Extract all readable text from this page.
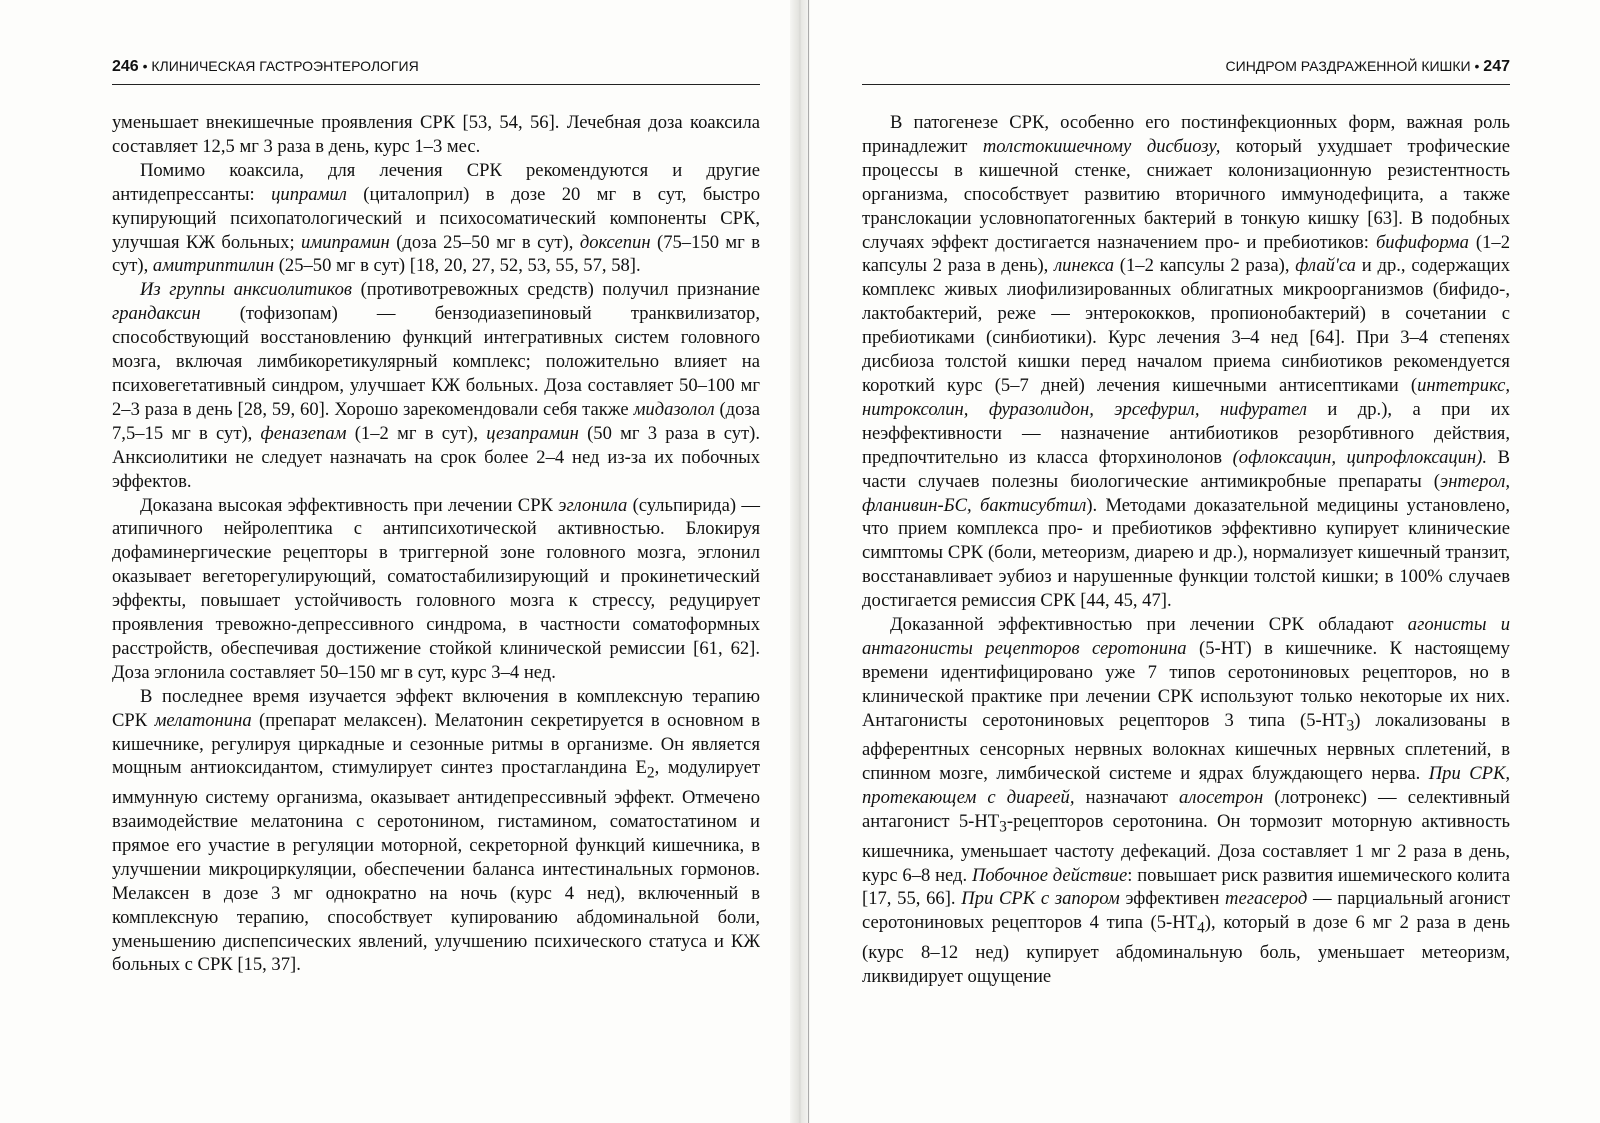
246 • КЛИНИЧЕСКАЯ ГАСТРОЭНТЕРОЛОГИЯ

уменьшает внекишечные проявления СРК [53, 54, 56]. Лечебная доза коаксила составляет 12,5 мг 3 раза в день, курс 1–3 мес.

Помимо коаксила, для лечения СРК рекомендуются и другие антидепрессанты: ципрамил (циталоприл) в дозе 20 мг в сут, быстро купирующий психопатологический и психосоматический компоненты СРК, улучшая КЖ больных; имипрамин (доза 25–50 мг в сут), доксепин (75–150 мг в сут), амитриптилин (25–50 мг в сут) [18, 20, 27, 52, 53, 55, 57, 58].

Из группы анксиолитиков (противотревожных средств) получил признание грандаксин (тофизопам) — бензодиазепиновый транквилизатор, способствующий восстановлению функций интегративных систем головного мозга, включая лимбикоретикулярный комплекс; положительно влияет на психовегетативный синдром, улучшает КЖ больных. Доза составляет 50–100 мг 2–3 раза в день [28, 59, 60]. Хорошо зарекомендовали себя также мидазолол (доза 7,5–15 мг в сут), феназепам (1–2 мг в сут), цезапрамин (50 мг 3 раза в сут). Анксиолитики не следует назначать на срок более 2–4 нед из-за их побочных эффектов.

Доказана высокая эффективность при лечении СРК эглонила (сульпирида) — атипичного нейролептика с антипсихотической активностью. Блокируя дофаминергические рецепторы в триггерной зоне головного мозга, эглонил оказывает вегеторегулирующий, соматостабилизирующий и прокинетический эффекты, повышает устойчивость головного мозга к стрессу, редуцирует проявления тревожно-депрессивного синдрома, в частности соматоформных расстройств, обеспечивая достижение стойкой клинической ремиссии [61, 62]. Доза эглонила составляет 50–150 мг в сут, курс 3–4 нед.

В последнее время изучается эффект включения в комплексную терапию СРК мелатонина (препарат мелаксен). Мелатонин секретируется в основном в кишечнике, регулируя циркадные и сезонные ритмы в организме. Он является мощным антиоксидантом, стимулирует синтез простагландина $Е_2$, модулирует иммунную систему организма, оказывает антидепрессивный эффект. Отмечено взаимодействие мелатонина с серотонином, гистамином, соматостатином и прямое его участие в регуляции моторной, секреторной функций кишечника, в улучшении микроциркуляции, обеспечении баланса интестинальных гормонов. Мелаксен в дозе 3 мг однократно на ночь (курс 4 нед), включенный в комплексную терапию, способствует купированию абдоминальной боли, уменьшению диспепсических явлений, улучшению психического статуса и КЖ больных с СРК [15, 37].

СИНДРОМ РАЗДРАЖЕННОЙ КИШКИ • 247

В патогенезе СРК, особенно его постинфекционных форм, важная роль принадлежит толстокишечному дисбиозу, который ухудшает трофические процессы в кишечной стенке, снижает колонизационную резистентность организма, способствует развитию вторичного иммунодефицита, а также транслокации условнопатогенных бактерий в тонкую кишку [63]. В подобных случаях эффект достигается назначением про- и пребиотиков: бифиформа (1–2 капсулы 2 раза в день), линекса (1–2 капсулы 2 раза), флай'са и др., содержащих комплекс живых лиофилизированных облигатных микроорганизмов (бифидо-, лактобактерий, реже — энтерококков, пропионобактерий) в сочетании с пребиотиками (синбиотики). Курс лечения 3–4 нед [64]. При 3–4 степенях дисбиоза толстой кишки перед началом приема синбиотиков рекомендуется короткий курс (5–7 дней) лечения кишечными антисептиками (интетрикс, нитроксолин, фуразолидон, эрсефурил, нифурател и др.), а при их неэффективности — назначение антибиотиков резорбтивного действия, предпочтительно из класса фторхинолонов (офлоксацин, ципрофлоксацин). В части случаев полезны биологические антимикробные препараты (энтерол, фланивин-БС, бактисубтил). Методами доказательной медицины установлено, что прием комплекса про- и пребиотиков эффективно купирует клинические симптомы СРК (боли, метеоризм, диарею и др.), нормализует кишечный транзит, восстанавливает эубиоз и нарушенные функции толстой кишки; в 100% случаев достигается ремиссия СРК [44, 45, 47].

Доказанной эффективностью при лечении СРК обладают агонисты и антагонисты рецепторов серотонина (5-НТ) в кишечнике. К настоящему времени идентифицировано уже 7 типов серотониновых рецепторов, но в клинической практике при лечении СРК используют только некоторые их них. Антагонисты серотониновых рецепторов 3 типа $(5-НТ_3)$ локализованы в афферентных сенсорных нервных волокнах кишечных нервных сплетений, в спинном мозге, лимбической системе и ядрах блуждающего нерва. При СРК, протекающем с диареей, назначают алосетрон (лотронекс) — селективный антагонист $5-НТ_3$-рецепторов серотонина. Он тормозит моторную активность кишечника, уменьшает частоту дефекаций. Доза составляет 1 мг 2 раза в день, курс 6–8 нед. Побочное действие: повышает риск развития ишемического колита [17, 55, 66]. При СРК с запором эффективен тегасерод — парциальный агонист серотониновых рецепторов 4 типа $(5-НТ_4)$, который в дозе 6 мг 2 раза в день (курс 8–12 нед) купирует абдоминальную боль, уменьшает метеоризм, ликвидирует ощущение
